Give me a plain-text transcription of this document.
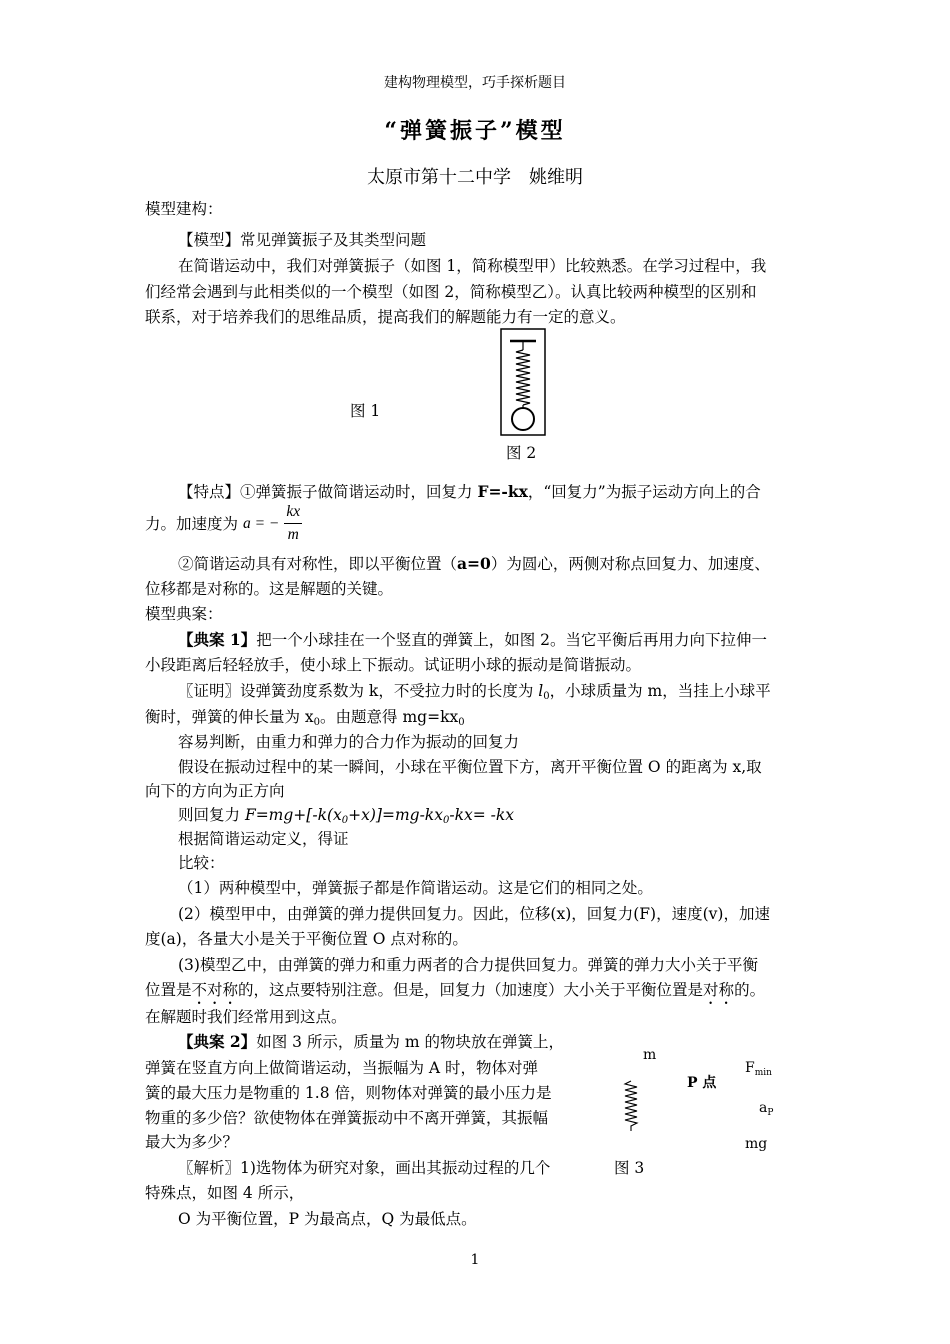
建构物理模型，巧手探析题目
“弹簧振子”模型
太原市第十二中学　姚维明
模型建构：
【模型】常见弹簧振子及其类型问题
在简谐运动中，我们对弹簧振子（如图 1，简称模型甲）比较熟悉。在学习过程中，我
们经常会遇到与此相类似的一个模型（如图 2，简称模型乙）。认真比较两种模型的区别和
联系，对于培养我们的思维品质，提高我们的解题能力有一定的意义。
图 1
图 2
【特点】①弹簧振子做简谐运动时，回复力 F=-kx，“回复力”为振子运动方向上的合
力。加速度为 a = − $\frac{kx}{m}$
②简谐运动具有对称性，即以平衡位置（a=0）为圆心，两侧对称点回复力、加速度、
位移都是对称的。这是解题的关键。
模型典案：
【典案 1】把一个小球挂在一个竖直的弹簧上，如图 2。当它平衡后再用力向下拉伸一
小段距离后轻轻放手，使小球上下振动。试证明小球的振动是简谐振动。
〖证明〗设弹簧劲度系数为 k，不受拉力时的长度为 $l_0$，小球质量为 m，当挂上小球平
衡时，弹簧的伸长量为 $x_0$。由题意得 $mg=kx_0$
容易判断，由重力和弹力的合力作为振动的回复力
假设在振动过程中的某一瞬间，小球在平衡位置下方，离开平衡位置 O 的距离为 x,取
向下的方向为正方向
则回复力 $F=mg+[-k(x_0+x)]=mg-kx_0-kx= -kx$
根据简谐运动定义，得证
比较：
（1）两种模型中，弹簧振子都是作简谐运动。这是它们的相同之处。
(2）模型甲中，由弹簧的弹力提供回复力。因此，位移(x)，回复力(F)，速度(v)，加速
度(a)，各量大小是关于平衡位置 O 点对称的。
(3)模型乙中，由弹簧的弹力和重力两者的合力提供回复力。弹簧的弹力大小关于平衡
位置是不对称的，这点要特别注意。但是，回复力（加速度）大小关于平衡位置是对称的。
在解题时我们经常用到这点。
【典案 2】如图 3 所示，质量为 m 的物块放在弹簧上，
弹簧在竖直方向上做简谐运动，当振幅为 A 时，物体对弹
簧的最大压力是物重的 1.8 倍，则物体对弹簧的最小压力是
物重的多少倍？欲使物体在弹簧振动中不离开弹簧，其振幅
最大为多少？
〖解析〗1)选物体为研究对象，画出其振动过程的几个
特殊点，如图 4 所示，
O 为平衡位置，P 为最高点，Q 为最低点。
m
P 点
$F_{min}$
$a_P$
mg
图 3
1
